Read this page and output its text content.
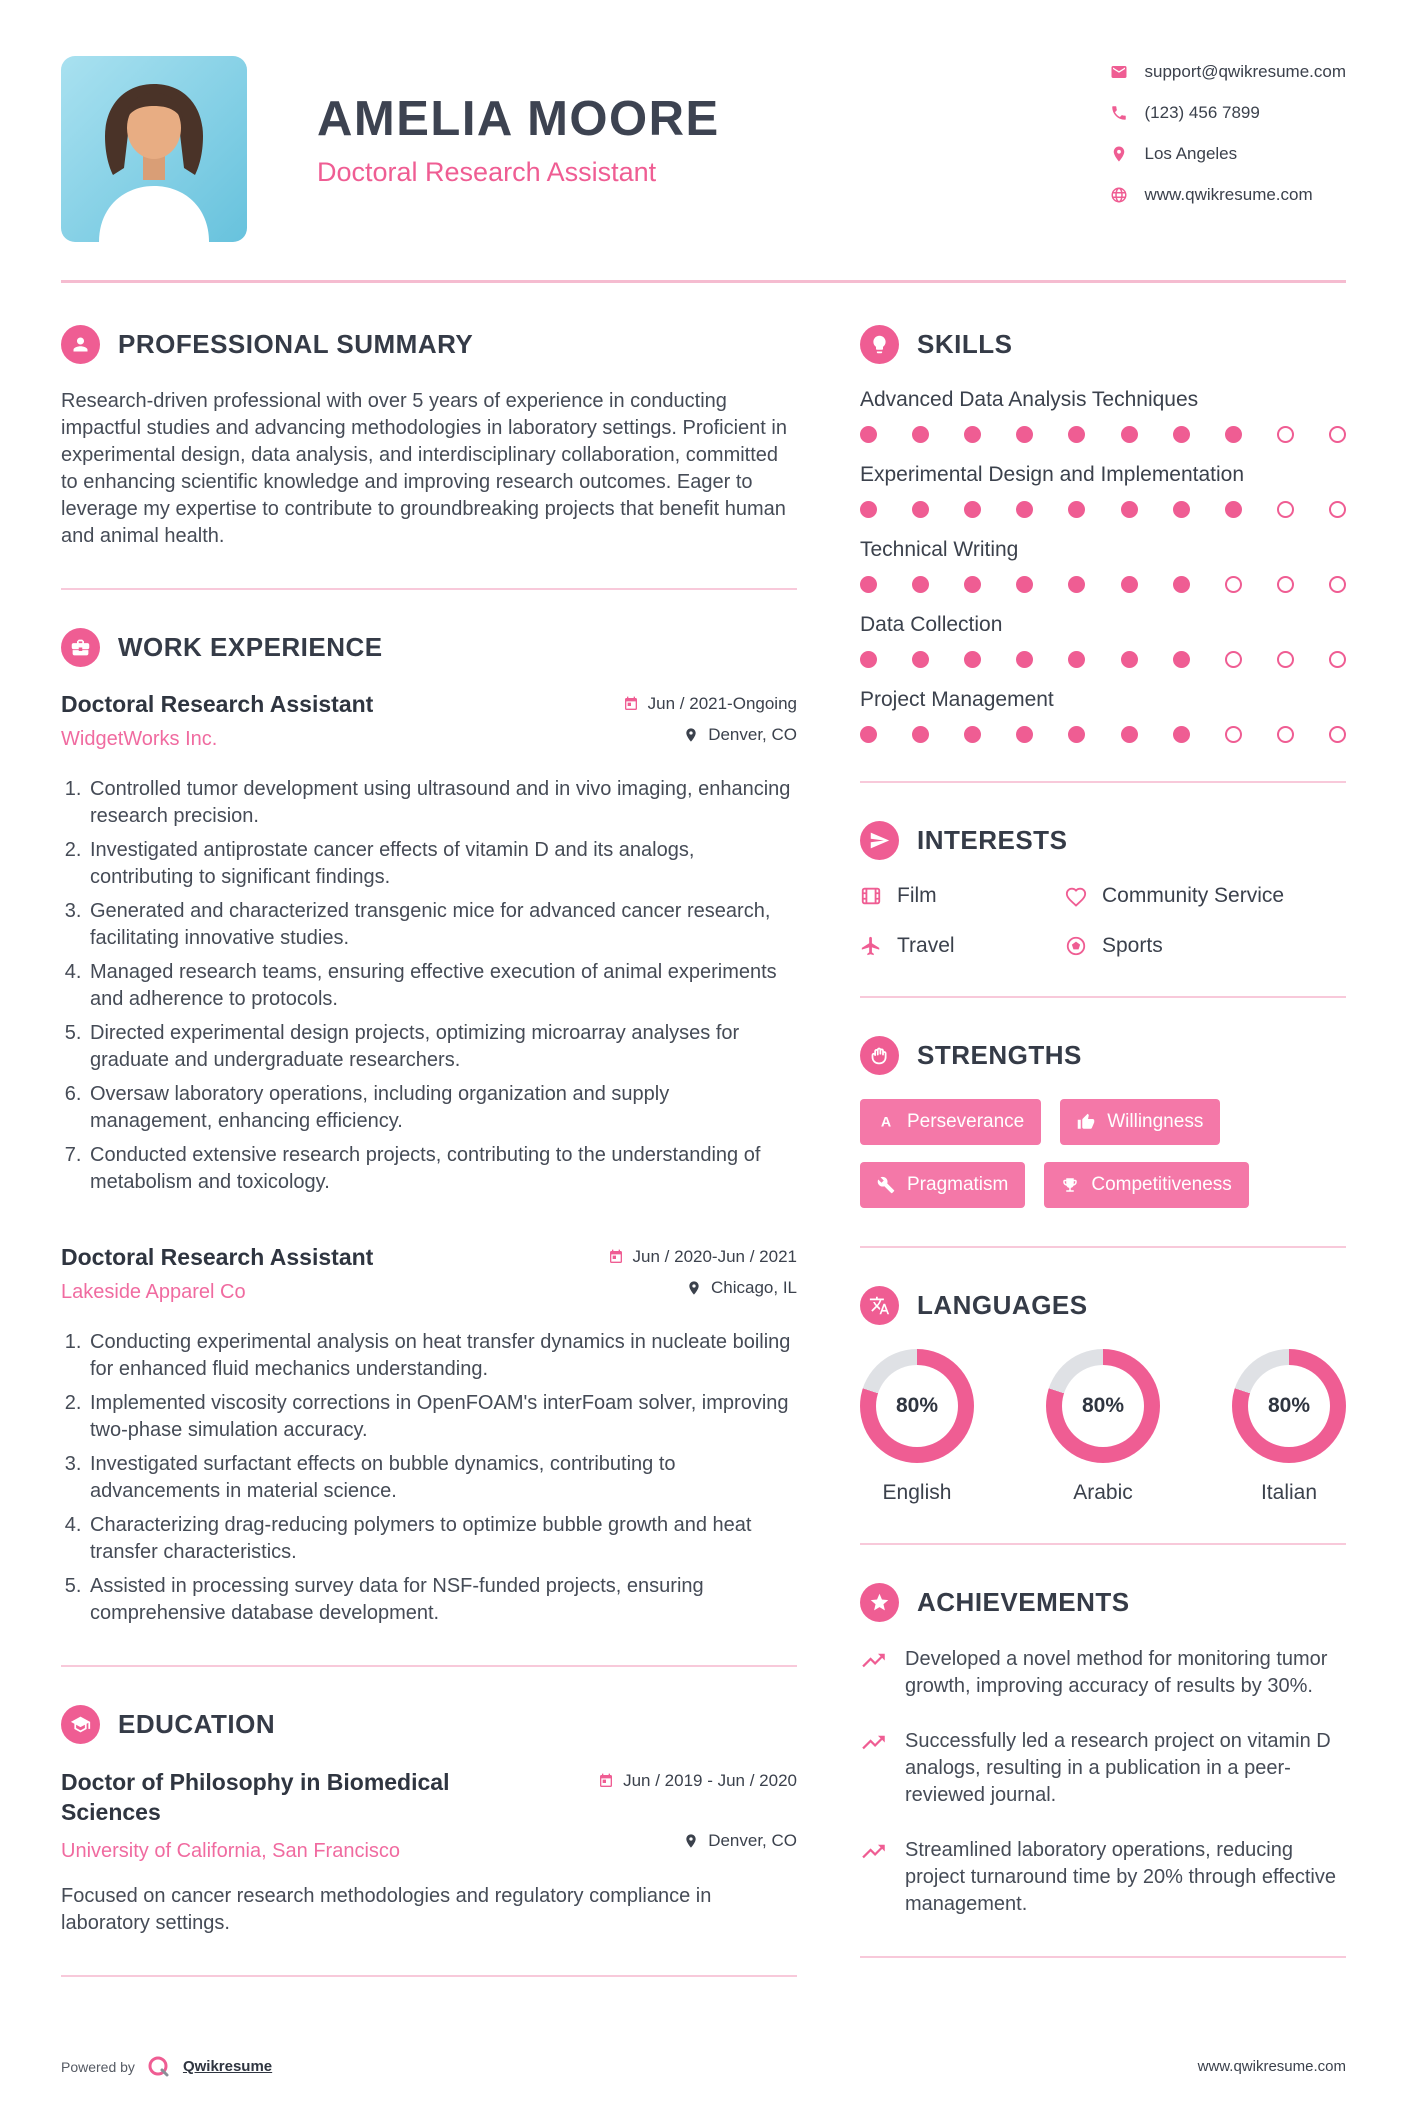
AMELIA MOORE
Doctoral Research Assistant
support@qwikresume.com
(123) 456 7899
Los Angeles
www.qwikresume.com
PROFESSIONAL SUMMARY

Research-driven professional with over 5 years of experience in conducting impactful studies and advancing methodologies in laboratory settings. Proficient in experimental design, data analysis, and interdisciplinary collaboration, committed to enhancing scientific knowledge and improving research outcomes. Eager to leverage my expertise to contribute to groundbreaking projects that benefit human and animal health.

WORK EXPERIENCE
Doctoral Research Assistant
WidgetWorks Inc.
Jun / 2021-Ongoing
Denver, CO
1. Controlled tumor development using ultrasound and in vivo imaging, enhancing research precision.
2. Investigated antiprostate cancer effects of vitamin D and its analogs, contributing to significant findings.
3. Generated and characterized transgenic mice for advanced cancer research, facilitating innovative studies.
4. Managed research teams, ensuring effective execution of animal experiments and adherence to protocols.
5. Directed experimental design projects, optimizing microarray analyses for graduate and undergraduate researchers.
6. Oversaw laboratory operations, including organization and supply management, enhancing efficiency.
7. Conducted extensive research projects, contributing to the understanding of metabolism and toxicology.
Doctoral Research Assistant
Lakeside Apparel Co
Jun / 2020-Jun / 2021
Chicago, IL
1. Conducting experimental analysis on heat transfer dynamics in nucleate boiling for enhanced fluid mechanics understanding.
2. Implemented viscosity corrections in OpenFOAM's interFoam solver, improving two-phase simulation accuracy.
3. Investigated surfactant effects on bubble dynamics, contributing to advancements in material science.
4. Characterizing drag-reducing polymers to optimize bubble growth and heat transfer characteristics.
5. Assisted in processing survey data for NSF-funded projects, ensuring comprehensive database development.
EDUCATION
Doctor of Philosophy in Biomedical Sciences
Jun / 2019 - Jun / 2020
University of California, San Francisco	Denver, CO

Focused on cancer research methodologies and regulatory compliance in laboratory settings.

SKILLS
Advanced Data Analysis Techniques
Experimental Design and Implementation
Technical Writing
Data Collection
Project Management
INTERESTS
Film	Community Service
Travel	Sports
STRENGTHS
A Perseverance	Willingness
Pragmatism	Competitiveness
LANGUAGES
80%
English
80%
Arabic
80%
Italian
ACHIEVEMENTS

Developed a novel method for monitoring tumor growth, improving accuracy of results by 30%.

Successfully led a research project on vitamin D analogs, resulting in a publication in a peer-reviewed journal.

Streamlined laboratory operations, reducing project turnaround time by 20% through effective management.

Powered by	Qwikresume	www.qwikresume.com
